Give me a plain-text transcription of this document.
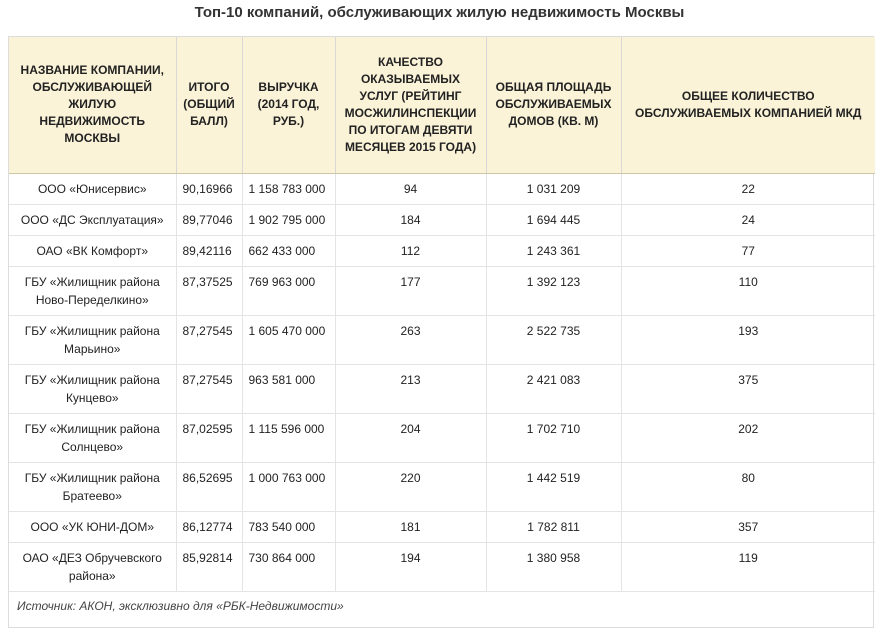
Топ-10 компаний, обслуживающих жилую недвижимость Москвы
НАЗВАНИЕ КОМПАНИИ, ОБСЛУЖИВАЮЩЕЙ ЖИЛУЮ НЕДВИЖИМОСТЬ МОСКВЫ	ИТОГО (ОБЩИЙ БАЛЛ)	ВЫРУЧКА (2014 ГОД, РУБ.)	КАЧЕСТВО ОКАЗЫВАЕМЫХ УСЛУГ (РЕЙТИНГ МОСЖИЛИНСПЕКЦИИ ПО ИТОГАМ ДЕВЯТИ МЕСЯЦЕВ 2015 ГОДА)	ОБЩАЯ ПЛОЩАДЬ ОБСЛУЖИВАЕМЫХ ДОМОВ (КВ. М)	ОБЩЕЕ КОЛИЧЕСТВО ОБСЛУЖИВАЕМЫХ КОМПАНИЕЙ МКД
ООО «Юнисервис»	90,16966	1 158 783 000	94	1 031 209	22
ООО «ДС Эксплуатация»	89,77046	1 902 795 000	184	1 694 445	24
ОАО «ВК Комфорт»	89,42116	662 433 000	112	1 243 361	77
ГБУ «Жилищник района Ново-Переделкино»	87,37525	769 963 000	177	1 392 123	110
ГБУ «Жилищник района Марьино»	87,27545	1 605 470 000	263	2 522 735	193
ГБУ «Жилищник района Кунцево»	87,27545	963 581 000	213	2 421 083	375
ГБУ «Жилищник района Солнцево»	87,02595	1 115 596 000	204	1 702 710	202
ГБУ «Жилищник района Братеево»	86,52695	1 000 763 000	220	1 442 519	80
ООО «УК ЮНИ-ДОМ»	86,12774	783 540 000	181	1 782 811	357
ОАО «ДЕЗ Обручевского района»	85,92814	730 864 000	194	1 380 958	119
Источник: АКОН, эксклюзивно для «РБК-Недвижимости»					
